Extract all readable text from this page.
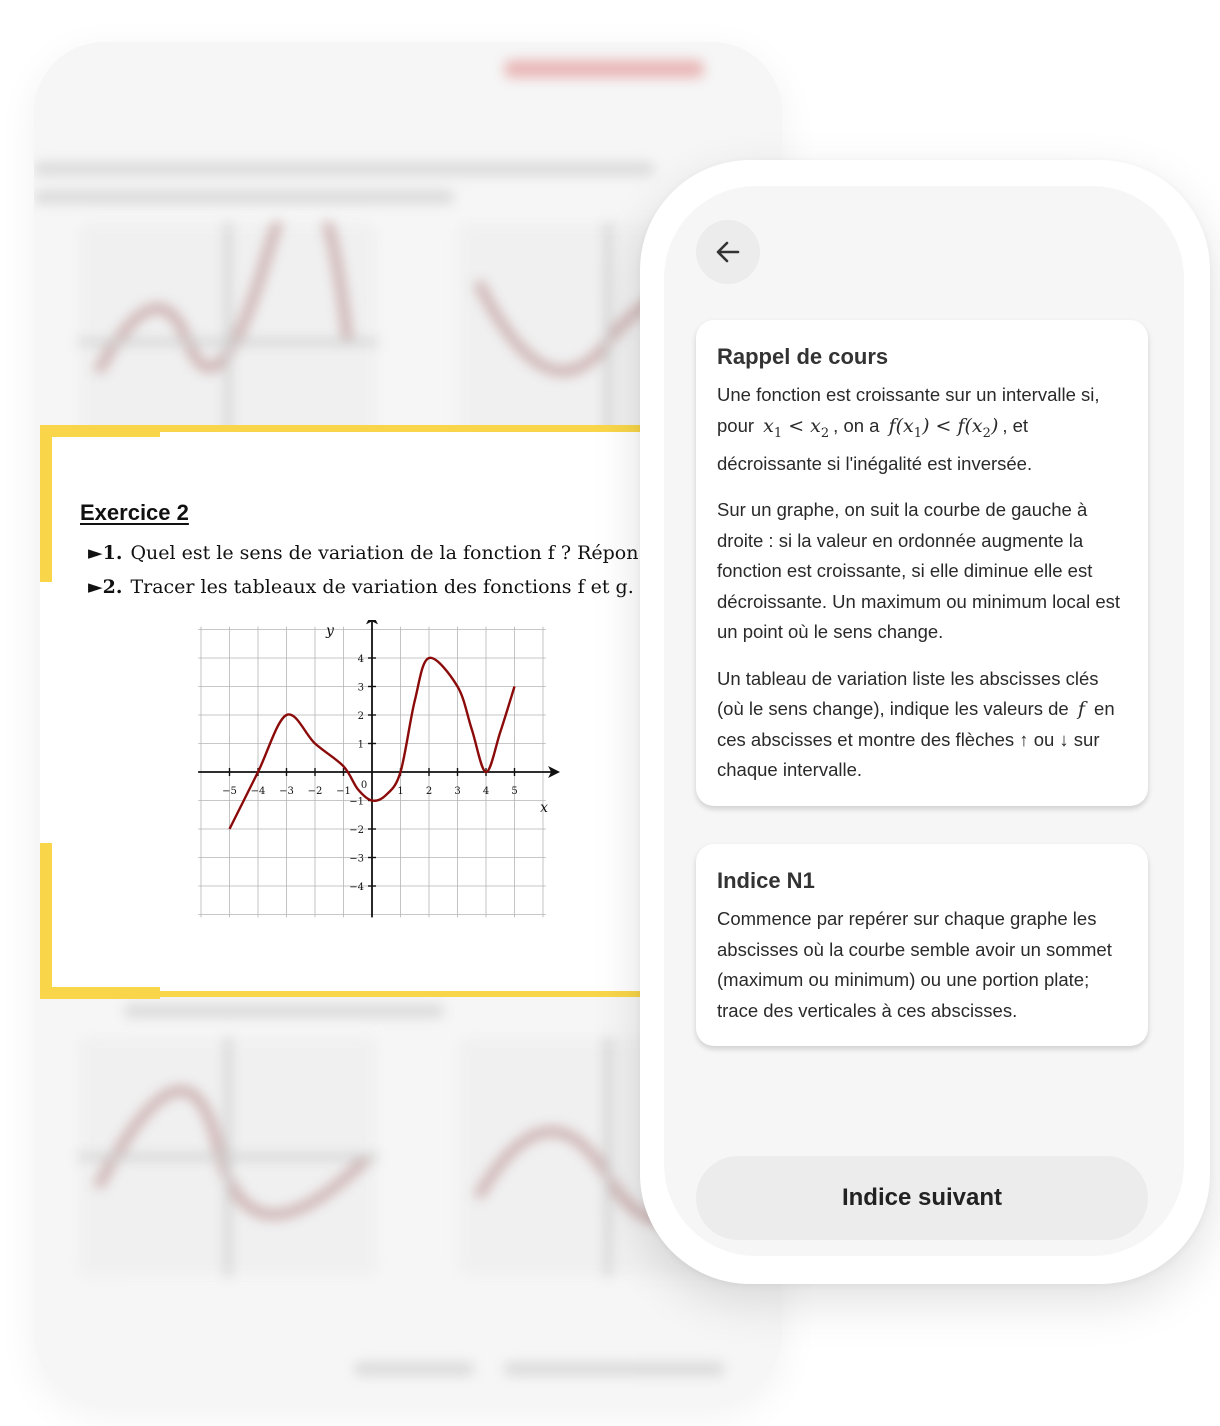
Exercice 2
►1. Quel est le sens de variation de la fonction f ? Répon
►2. Tracer les tableaux de variation des fonctions f et g.
−5 −4 −3 −2 −1	1 2 3 4 5
−4
−3
−2
−1
1
2
3
4
0
x
y
Rappel de cours

Une fonction est croissante sur un intervalle si, pour $x_1 < x_2$ , on a $f(x_1) < f(x_2)$ , et décroissante si l'inégalité est inversée.

Sur un graphe, on suit la courbe de gauche à droite : si la valeur en ordonnée augmente la fonction est croissante, si elle diminue elle est décroissante. Un maximum ou minimum local est un point où le sens change.

Un tableau de variation liste les abscisses clés (où le sens change), indique les valeurs de f en ces abscisses et montre des flèches ↑ ou ↓ sur chaque intervalle.

Indice N1

Commence par repérer sur chaque graphe les abscisses où la courbe semble avoir un sommet (maximum ou minimum) ou une portion plate; trace des verticales à ces abscisses.

Indice suivant
